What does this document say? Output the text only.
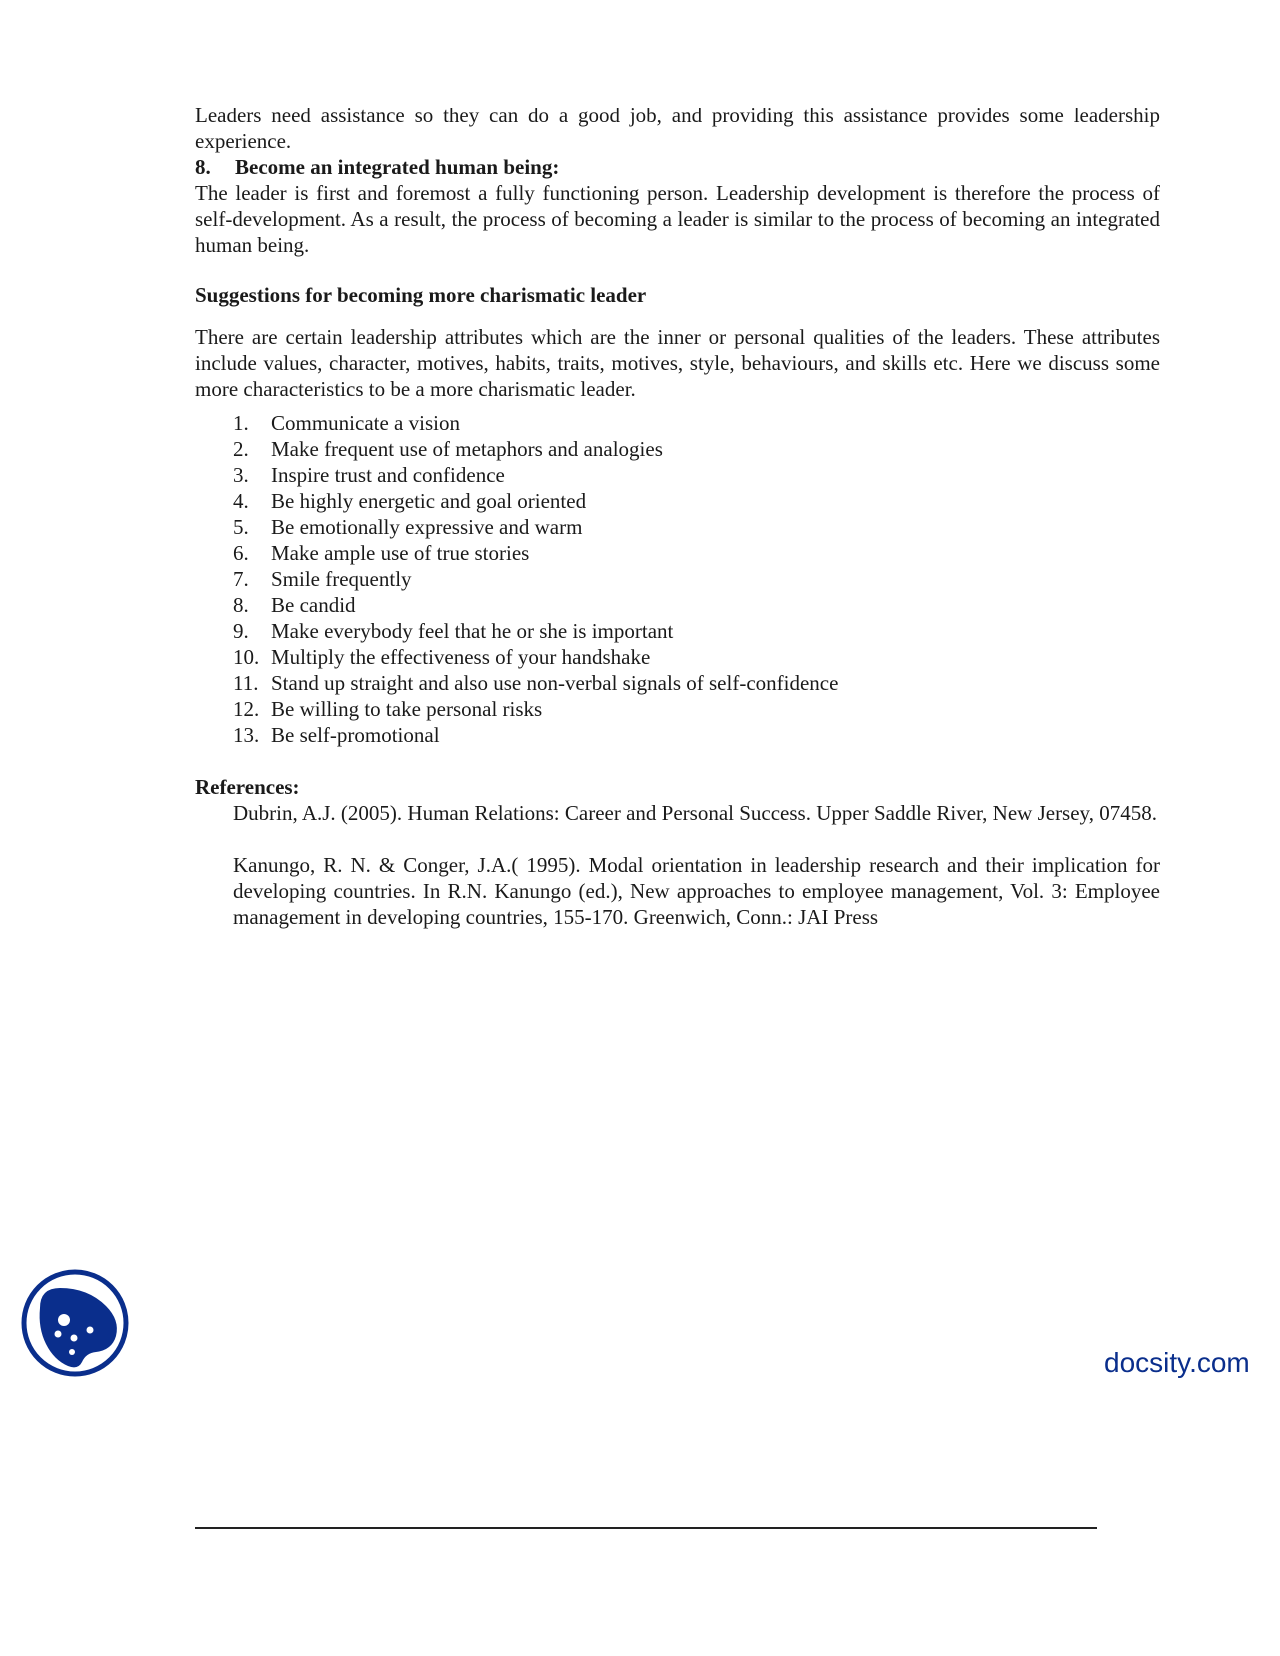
Leaders need assistance so they can do a good job, and providing this assistance provides some leadership

experience.

8.	Become an integrated human being:

The leader is first and foremost a fully functioning person. Leadership development is therefore the process of self-development. As a result, the process of becoming a leader is similar to the process of becoming an integrated human being.

Suggestions for becoming more charismatic leader

There are certain leadership attributes which are the inner or personal qualities of the leaders. These attributes include values, character, motives, habits, traits, motives, style, behaviours, and skills etc. Here we discuss some more characteristics to be a more charismatic leader.

1.	Communicate a vision
2.	Make frequent use of metaphors and analogies
3.	Inspire trust and confidence
4.	Be highly energetic and goal oriented
5.	Be emotionally expressive and warm
6.	Make ample use of true stories
7.	Smile frequently
8.	Be candid
9.	Make everybody feel that he or she is important
10. Multiply the effectiveness of your handshake
11. Stand up straight and also use non-verbal signals of self-confidence
12. Be willing to take personal risks
13. Be self-promotional

References:

Dubrin, A.J. (2005). Human Relations: Career and Personal Success. Upper Saddle River, New Jersey, 07458.

Kanungo, R. N. & Conger, J.A.( 1995). Modal orientation in leadership research and their implication for developing countries. In R.N. Kanungo (ed.), New approaches to employee management, Vol. 3: Employee management in developing countries, 155-170. Greenwich, Conn.: JAI Press

docsity.com
